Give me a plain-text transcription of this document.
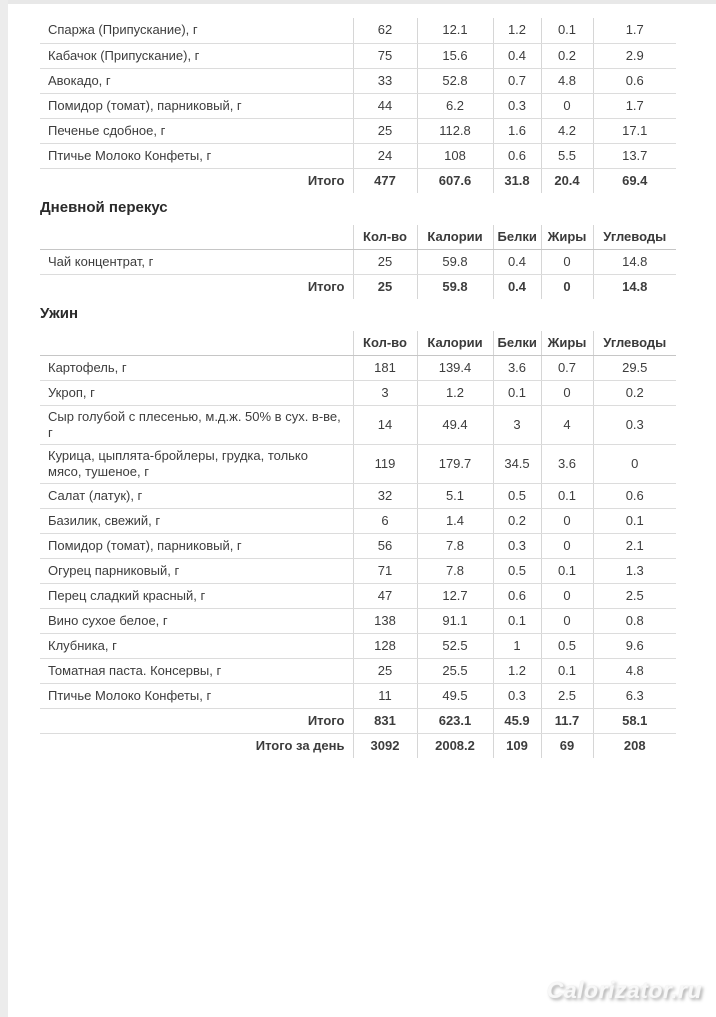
Спаржа (Припускание), г	62	12.1	1.2	0.1	1.7
Кабачок (Припускание), г	75	15.6	0.4	0.2	2.9
Авокадо, г	33	52.8	0.7	4.8	0.6
Помидор (томат), парниковый, г	44	6.2	0.3	0	1.7
Печенье сдобное, г	25	112.8	1.6	4.2	17.1
Птичье Молоко Конфеты, г	24	108	0.6	5.5	13.7
Итого	477	607.6	31.8	20.4	69.4
Дневной перекус
	Кол-во	Калории	Белки	Жиры	Углеводы
Чай концентрат, г	25	59.8	0.4	0	14.8
Итого	25	59.8	0.4	0	14.8
Ужин
	Кол-во	Калории	Белки	Жиры	Углеводы
Картофель, г	181	139.4	3.6	0.7	29.5
Укроп, г	3	1.2	0.1	0	0.2
Сыр голубой с плесенью, м.д.ж. 50% в сух. в-ве, г	14	49.4	3	4	0.3
Курица, цыплята-бройлеры, грудка, только мясо, тушеное, г	119	179.7	34.5	3.6	0
Салат (латук), г	32	5.1	0.5	0.1	0.6
Базилик, свежий, г	6	1.4	0.2	0	0.1
Помидор (томат), парниковый, г	56	7.8	0.3	0	2.1
Огурец парниковый, г	71	7.8	0.5	0.1	1.3
Перец сладкий красный, г	47	12.7	0.6	0	2.5
Вино сухое белое, г	138	91.1	0.1	0	0.8
Клубника, г	128	52.5	1	0.5	9.6
Томатная паста. Консервы, г	25	25.5	1.2	0.1	4.8
Птичье Молоко Конфеты, г	11	49.5	0.3	2.5	6.3
Итого	831	623.1	45.9	11.7	58.1
Итого за день	3092	2008.2	109	69	208
Calorizator.ru
